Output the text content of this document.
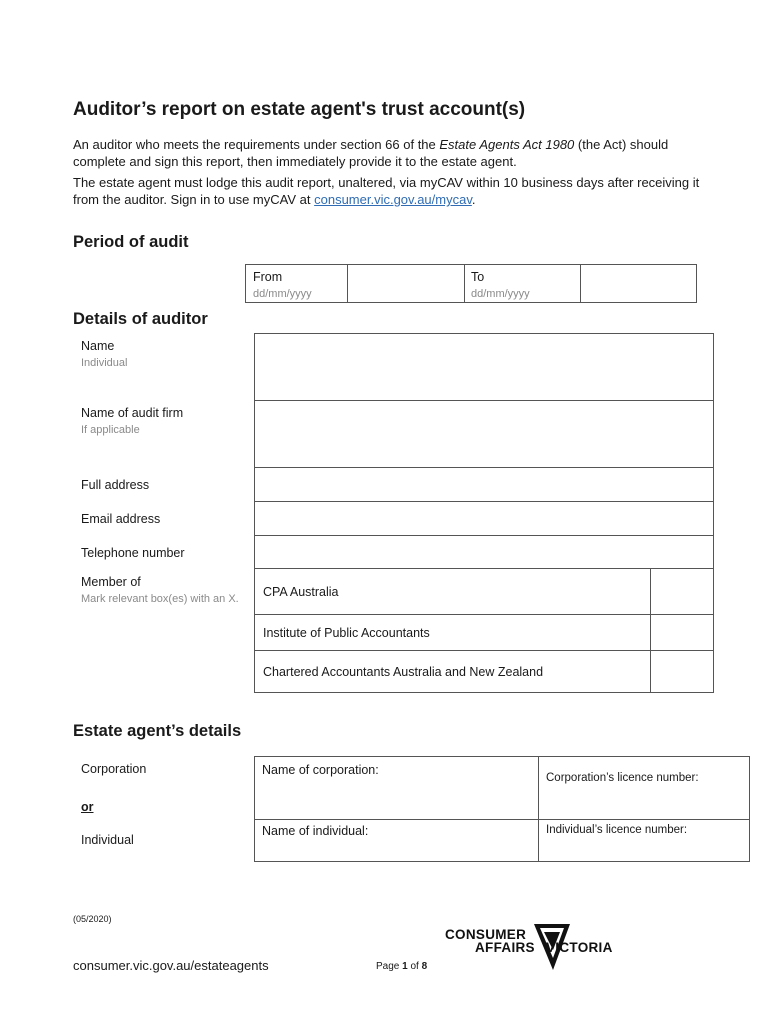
Auditor’s report on estate agent's trust account(s)
An auditor who meets the requirements under section 66 of the Estate Agents Act 1980 (the Act) should complete and sign this report, then immediately provide it to the estate agent.
The estate agent must lodge this audit report, unaltered, via myCAV within 10 business days after receiving it from the auditor. Sign in to use myCAV at consumer.vic.gov.au/mycav.
Period of audit
From
dd/mm/yyyy
To
dd/mm/yyyy
Details of auditor
Name
Individual
Name of audit firm
If applicable
Full address
Email address
Telephone number
Member of
Mark relevant box(es) with an X. CPA Australia
Institute of Public Accountants
Chartered Accountants Australia and New Zealand
Estate agent’s details
Corporation
or
Individual
Name of corporation:
Corporation’s licence number:
Name of individual:	Individual’s licence number:
(05/2020)
consumer.vic.gov.au/estateagents	Page 1 of 8
CONSUMER
AFFAIRS VICTORIA
